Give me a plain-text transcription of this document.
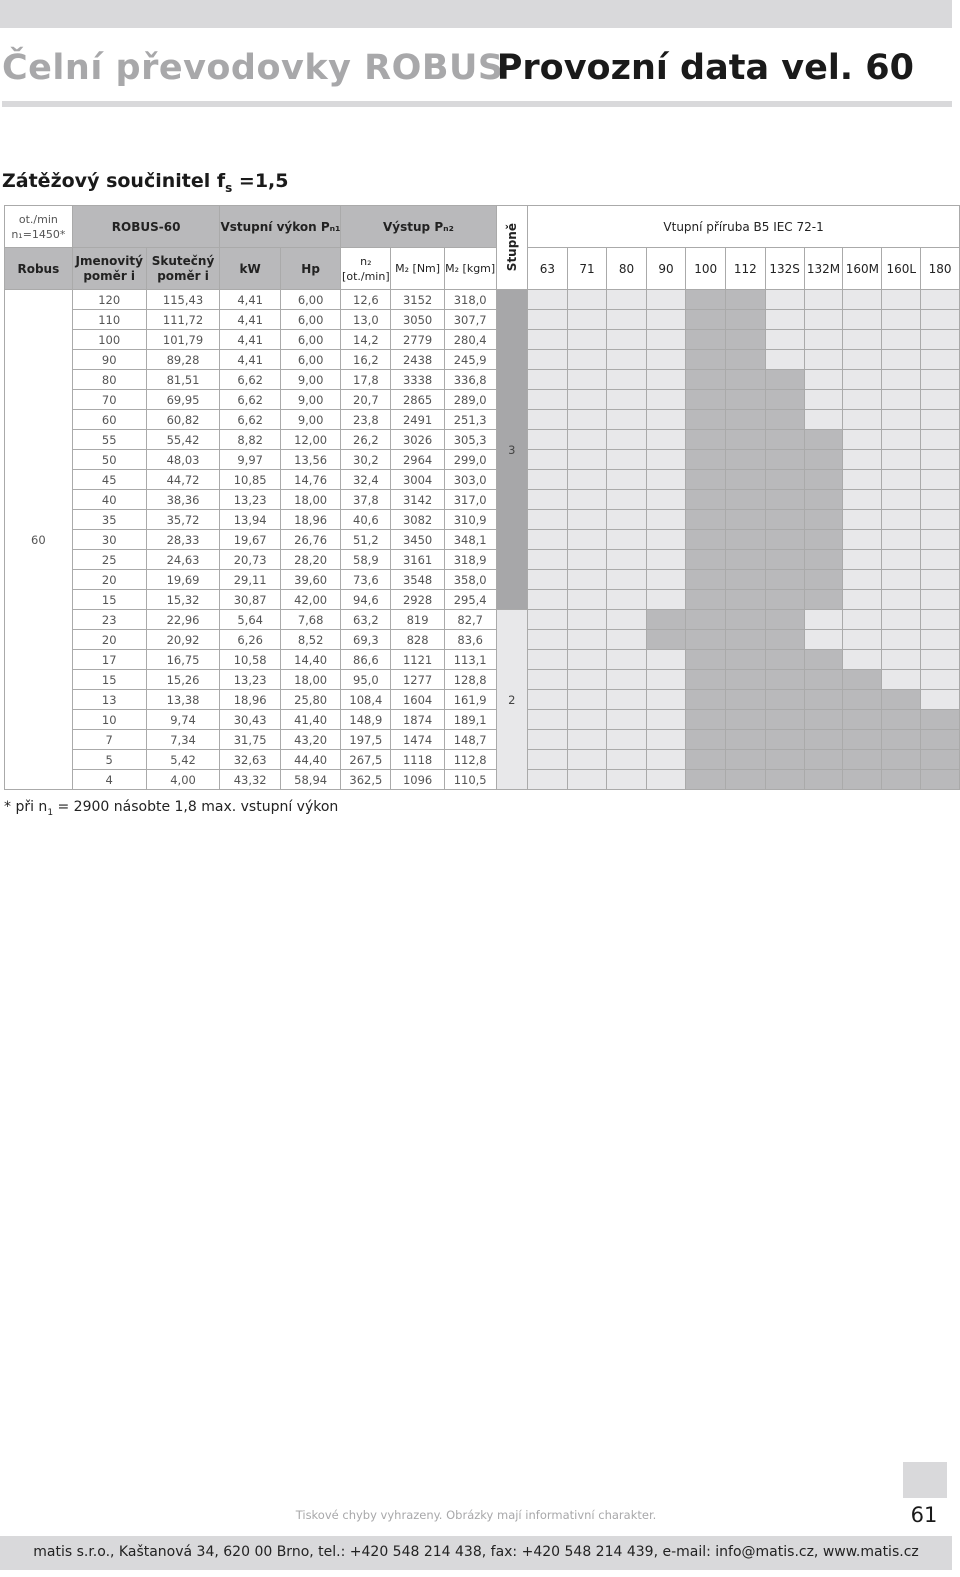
Čelní převodovky ROBUS
Provozní data vel. 60
Zátěžový součinitel $f_s =1,5$
ot./min
n₁=1450*	ROBUS-60		Vstupní výkon Pₙ₁		Výstup Pₙ₂			Stupně	Vtupní příruba B5 IEC 72-1										
Robus	Jmenovitý poměr i	Skutečný poměr i	kW	Hp	n₂ [ot./min]	M₂ [Nm]	M₂ [kgm]		63	71	80	90	100	112	132S	132M	160M	160L	180
60	120	115,43	4,41	6,00	12,6	3152	318,0	3											
	110	111,72	4,41	6,00	13,0	3050	307,7												
	100	101,79	4,41	6,00	14,2	2779	280,4												
	90	89,28	4,41	6,00	16,2	2438	245,9												
	80	81,51	6,62	9,00	17,8	3338	336,8												
	70	69,95	6,62	9,00	20,7	2865	289,0												
	60	60,82	6,62	9,00	23,8	2491	251,3												
	55	55,42	8,82	12,00	26,2	3026	305,3												
	50	48,03	9,97	13,56	30,2	2964	299,0												
	45	44,72	10,85	14,76	32,4	3004	303,0												
	40	38,36	13,23	18,00	37,8	3142	317,0												
	35	35,72	13,94	18,96	40,6	3082	310,9												
	30	28,33	19,67	26,76	51,2	3450	348,1												
	25	24,63	20,73	28,20	58,9	3161	318,9												
	20	19,69	29,11	39,60	73,6	3548	358,0												
	15	15,32	30,87	42,00	94,6	2928	295,4												
	23	22,96	5,64	7,68	63,2	819	82,7	2											
	20	20,92	6,26	8,52	69,3	828	83,6												
	17	16,75	10,58	14,40	86,6	1121	113,1												
	15	15,26	13,23	18,00	95,0	1277	128,8												
	13	13,38	18,96	25,80	108,4	1604	161,9												
	10	9,74	30,43	41,40	148,9	1874	189,1												
	7	7,34	31,75	43,20	197,5	1474	148,7												
	5	5,42	32,63	44,40	267,5	1118	112,8												
	4	4,00	43,32	58,94	362,5	1096	110,5												
* při $n_1 = 2900$ násobte 1,8 max. vstupní výkon
Tiskové chyby vyhrazeny. Obrázky mají informativní charakter.	61
matis s.r.o., Kaštanová 34, 620 00 Brno, tel.: +420 548 214 438, fax: +420 548 214 439, e-mail: info@matis.cz, www.matis.cz
